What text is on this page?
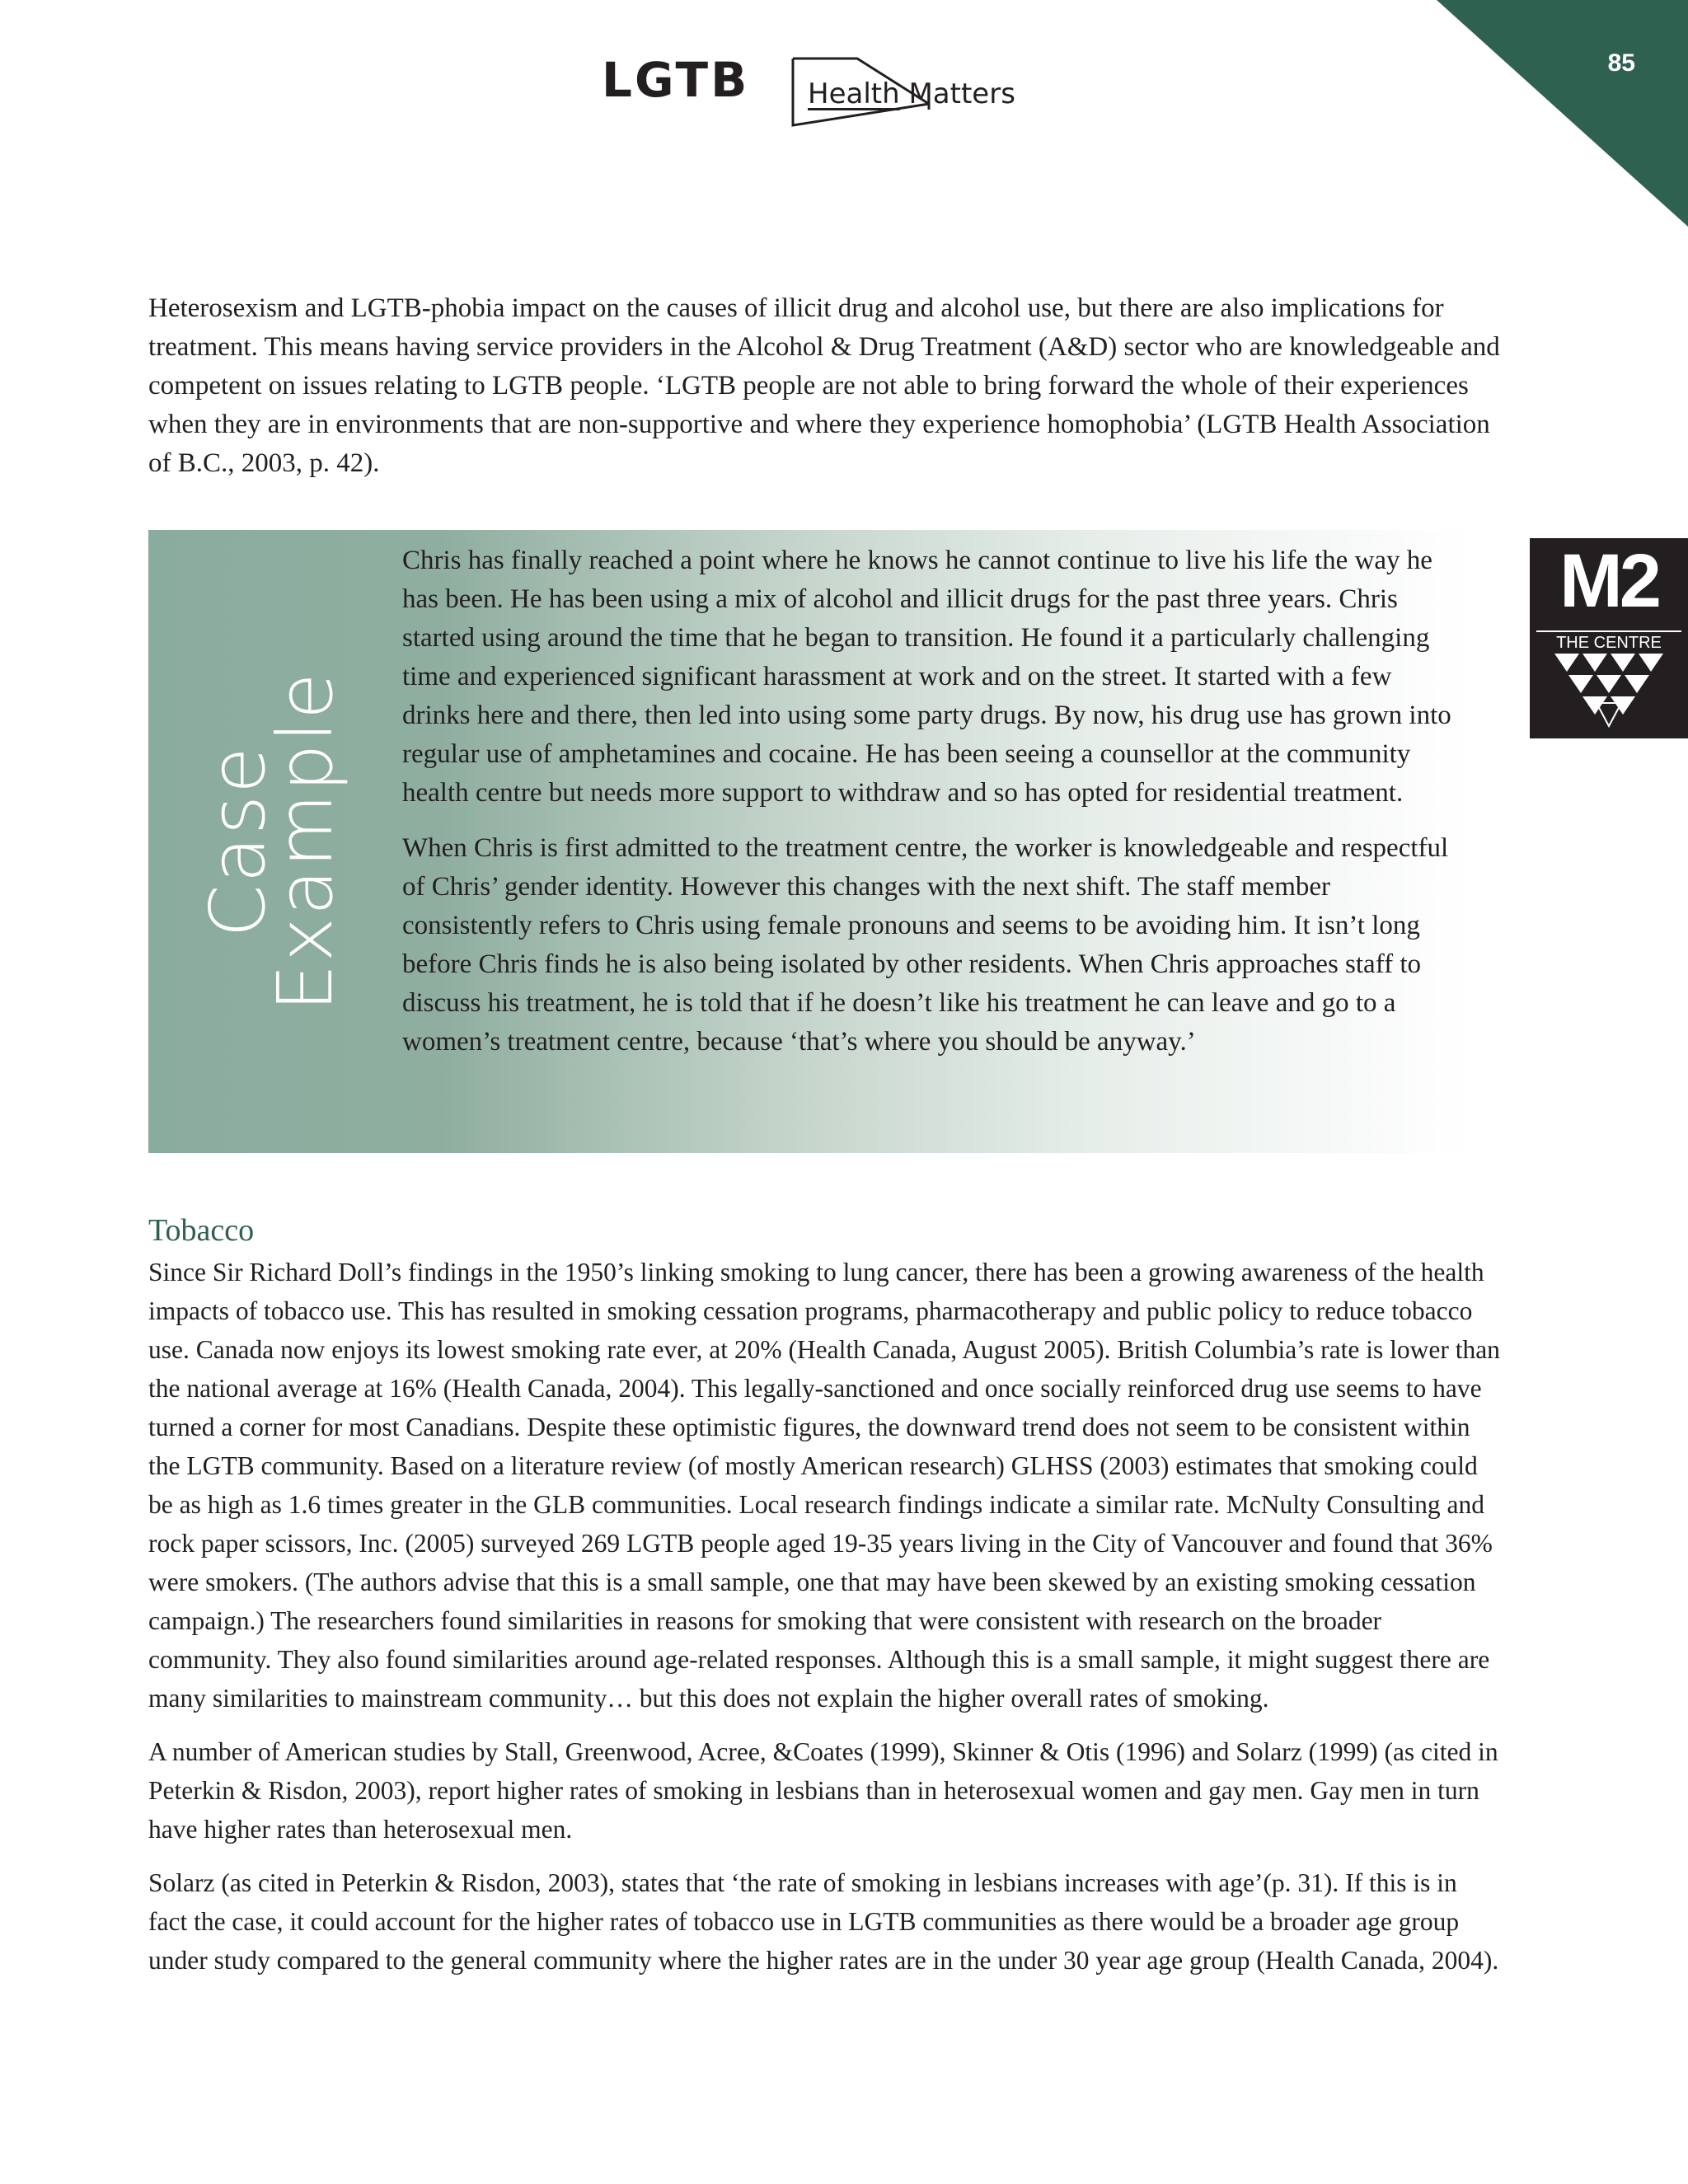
85
LGTB Health Matters
M2
THE CENTRE

Heterosexism and LGTB-phobia impact on the causes of illicit drug and alcohol use, but there are also implications for treatment. This means having service providers in the Alcohol & Drug Treatment (A&D) sector who are knowledgeable and competent on issues relating to LGTB people. ‘LGTB people are not able to bring forward the whole of their experiences when they are in environments that are non-supportive and where they experience homophobia’ (LGTB Health Association of B.C., 2003, p. 42).

Case
Example

Chris has finally reached a point where he knows he cannot continue to live his life the way he has been. He has been using a mix of alcohol and illicit drugs for the past three years. Chris started using around the time that he began to transition. He found it a particularly challenging time and experienced significant harassment at work and on the street. It started with a few drinks here and there, then led into using some party drugs. By now, his drug use has grown into regular use of amphetamines and cocaine. He has been seeing a counsellor at the community health centre but needs more support to withdraw and so has opted for residential treatment.

When Chris is first admitted to the treatment centre, the worker is knowledgeable and respectful of Chris’ gender identity. However this changes with the next shift. The staff member consistently refers to Chris using female pronouns and seems to be avoiding him. It isn’t long before Chris finds he is also being isolated by other residents. When Chris approaches staff to discuss his treatment, he is told that if he doesn’t like his treatment he can leave and go to a women’s treatment centre, because ‘that’s where you should be anyway.’

Tobacco

Since Sir Richard Doll’s findings in the 1950’s linking smoking to lung cancer, there has been a growing awareness of the health impacts of tobacco use. This has resulted in smoking cessation programs, pharmacotherapy and public policy to reduce tobacco use. Canada now enjoys its lowest smoking rate ever, at 20% (Health Canada, August 2005). British Columbia’s rate is lower than the national average at 16% (Health Canada, 2004). This legally-sanctioned and once socially reinforced drug use seems to have turned a corner for most Canadians. Despite these optimistic figures, the downward trend does not seem to be consistent within the LGTB community. Based on a literature review (of mostly American research) GLHSS (2003) estimates that smoking could be as high as 1.6 times greater in the GLB communities. Local research findings indicate a similar rate. McNulty Consulting and rock paper scissors, Inc. (2005) surveyed 269 LGTB people aged 19-35 years living in the City of Vancouver and found that 36% were smokers. (The authors advise that this is a small sample, one that may have been skewed by an existing smoking cessation campaign.) The researchers found similarities in reasons for smoking that were consistent with research on the broader community. They also found similarities around age-related responses. Although this is a small sample, it might suggest there are many similarities to mainstream community… but this does not explain the higher overall rates of smoking.

A number of American studies by Stall, Greenwood, Acree, &Coates (1999), Skinner & Otis (1996) and Solarz (1999) (as cited in Peterkin & Risdon, 2003), report higher rates of smoking in lesbians than in heterosexual women and gay men. Gay men in turn have higher rates than heterosexual men.

Solarz (as cited in Peterkin & Risdon, 2003), states that ‘the rate of smoking in lesbians increases with age’(p. 31). If this is in fact the case, it could account for the higher rates of tobacco use in LGTB communities as there would be a broader age group under study compared to the general community where the higher rates are in the under 30 year age group (Health Canada, 2004).
